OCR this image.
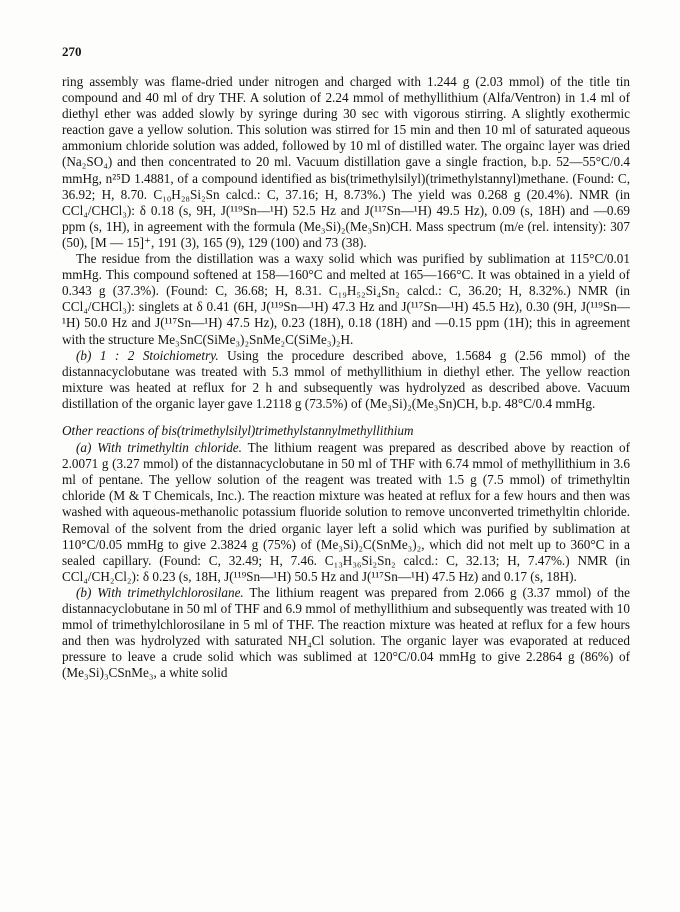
270

ring assembly was flame-dried under nitrogen and charged with 1.244 g (2.03 mmol) of the title tin compound and 40 ml of dry THF. A solution of 2.24 mmol of methyllithium (Alfa/Ventron) in 1.4 ml of diethyl ether was added slowly by syringe during 30 sec with vigorous stirring. A slightly exothermic reaction gave a yellow solution. This solution was stirred for 15 min and then 10 ml of saturated aqueous ammonium chloride solution was added, followed by 10 ml of distilled water. The orgainc layer was dried (Na₂SO₄) and then concentrated to 20 ml. Vacuum distillation gave a single fraction, b.p. 52—55°C/0.4 mmHg, n²⁵D 1.4881, of a compound identified as bis(trimethylsilyl)(trimethylstannyl)methane. (Found: C, 36.92; H, 8.70. C₁₀H₂₈Si₂Sn calcd.: C, 37.16; H, 8.73%.) The yield was 0.268 g (20.4%). NMR (in CCl₄/CHCl₃): δ 0.18 (s, 9H, J(¹¹⁹Sn—¹H) 52.5 Hz and J(¹¹⁷Sn—¹H) 49.5 Hz), 0.09 (s, 18H) and —0.69 ppm (s, 1H), in agreement with the formula (Me₃Si)₂(Me₃Sn)CH. Mass spectrum (m/e (rel. intensity): 307 (50), [M — 15]⁺, 191 (3), 165 (9), 129 (100) and 73 (38).

The residue from the distillation was a waxy solid which was purified by sublimation at 115°C/0.01 mmHg. This compound softened at 158—160°C and melted at 165—166°C. It was obtained in a yield of 0.343 g (37.3%). (Found: C, 36.68; H, 8.31. C₁₉H₅₂Si₄Sn₂ calcd.: C, 36.20; H, 8.32%.) NMR (in CCl₄/CHCl₃): singlets at δ 0.41 (6H, J(¹¹⁹Sn—¹H) 47.3 Hz and J(¹¹⁷Sn—¹H) 45.5 Hz), 0.30 (9H, J(¹¹⁹Sn—¹H) 50.0 Hz and J(¹¹⁷Sn—¹H) 47.5 Hz), 0.23 (18H), 0.18 (18H) and —0.15 ppm (1H); this in agreement with the structure Me₃SnC(SiMe₃)₂SnMe₂C(SiMe₃)₂H.

(b) 1 : 2 Stoichiometry. Using the procedure described above, 1.5684 g (2.56 mmol) of the distannacyclobutane was treated with 5.3 mmol of methyllithium in diethyl ether. The yellow reaction mixture was heated at reflux for 2 h and subsequently was hydrolyzed as described above. Vacuum distillation of the organic layer gave 1.2118 g (73.5%) of (Me₃Si)₂(Me₃Sn)CH, b.p. 48°C/0.4 mmHg.

Other reactions of bis(trimethylsilyl)trimethylstannylmethyllithium

(a) With trimethyltin chloride. The lithium reagent was prepared as described above by reaction of 2.0071 g (3.27 mmol) of the distannacyclobutane in 50 ml of THF with 6.74 mmol of methyllithium in 3.6 ml of pentane. The yellow solution of the reagent was treated with 1.5 g (7.5 mmol) of trimethyltin chloride (M & T Chemicals, Inc.). The reaction mixture was heated at reflux for a few hours and then was washed with aqueous-methanolic potassium fluoride solution to remove unconverted trimethyltin chloride. Removal of the solvent from the dried organic layer left a solid which was purified by sublimation at 110°C/0.05 mmHg to give 2.3824 g (75%) of (Me₃Si)₂C(SnMe₃)₂, which did not melt up to 360°C in a sealed capillary. (Found: C, 32.49; H, 7.46. C₁₃H₃₆Si₂Sn₂ calcd.: C, 32.13; H, 7.47%.) NMR (in CCl₄/CH₂Cl₂): δ 0.23 (s, 18H, J(¹¹⁹Sn—¹H) 50.5 Hz and J(¹¹⁷Sn—¹H) 47.5 Hz) and 0.17 (s, 18H).

(b) With trimethylchlorosilane. The lithium reagent was prepared from 2.066 g (3.37 mmol) of the distannacyclobutane in 50 ml of THF and 6.9 mmol of methyllithium and subsequently was treated with 10 mmol of trimethylchlorosilane in 5 ml of THF. The reaction mixture was heated at reflux for a few hours and then was hydrolyzed with saturated NH₄Cl solution. The organic layer was evaporated at reduced pressure to leave a crude solid which was sublimed at 120°C/0.04 mmHg to give 2.2864 g (86%) of (Me₃Si)₃CSnMe₃, a white solid
